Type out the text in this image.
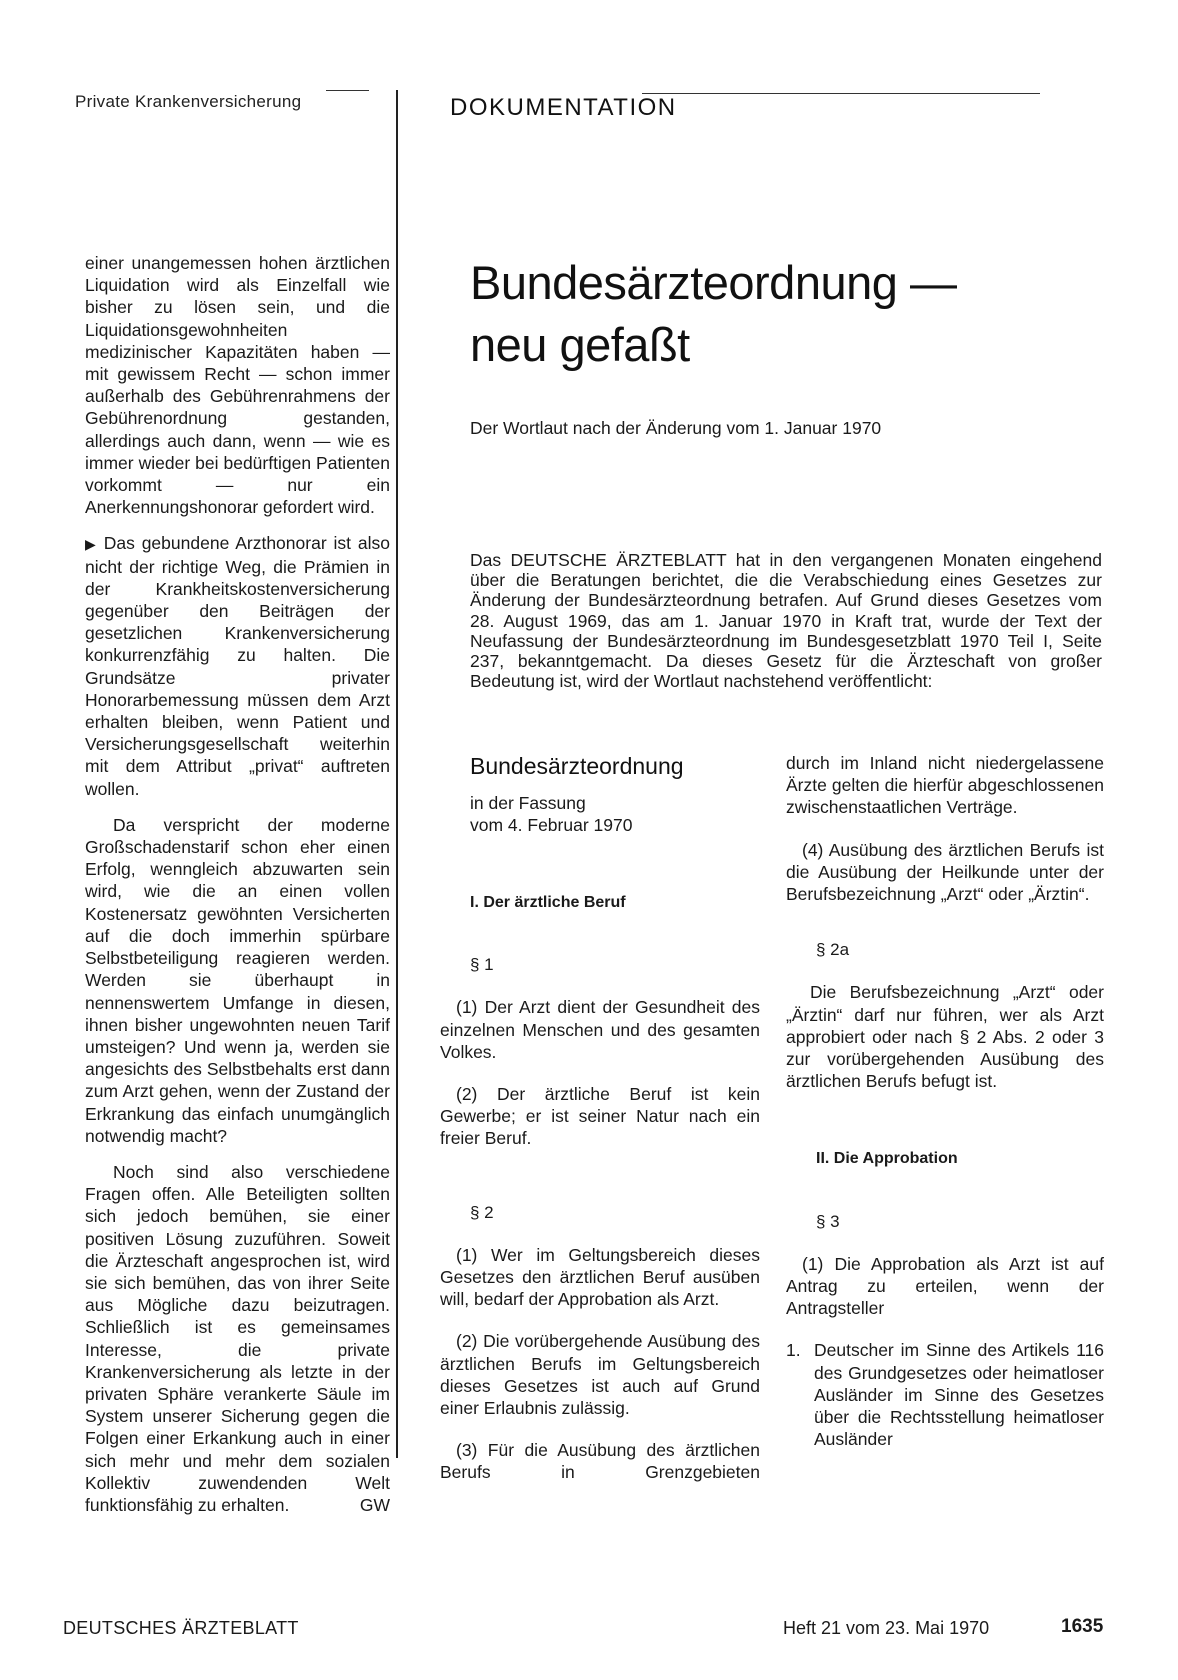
Private Krankenversicherung	DOKUMENTATION

einer unangemessen hohen ärztlichen Liquidation wird als Einzelfall wie bisher zu lösen sein, und die Liquidationsgewohnheiten medizinischer Kapazitäten haben — mit gewissem Recht — schon immer außerhalb des Gebührenrahmens der Gebührenordnung gestanden, allerdings auch dann, wenn — wie es immer wieder bei bedürftigen Patienten vorkommt — nur ein Anerkennungshonorar gefordert wird.

▶ Das gebundene Arzthonorar ist also nicht der richtige Weg, die Prämien in der Krankheitskostenversicherung gegenüber den Beiträgen der gesetzlichen Krankenversicherung konkurrenzfähig zu halten. Die Grundsätze privater Honorarbemessung müssen dem Arzt erhalten bleiben, wenn Patient und Versicherungsgesellschaft weiterhin mit dem Attribut „privat“ auftreten wollen.

Da verspricht der moderne Großschadenstarif schon eher einen Erfolg, wenngleich abzuwarten sein wird, wie die an einen vollen Kostenersatz gewöhnten Versicherten auf die doch immerhin spürbare Selbstbeteiligung reagieren werden. Werden sie überhaupt in nennenswertem Umfange in diesen, ihnen bisher ungewohnten neuen Tarif umsteigen? Und wenn ja, werden sie angesichts des Selbstbehalts erst dann zum Arzt gehen, wenn der Zustand der Erkrankung das einfach unumgänglich notwendig macht?

Noch sind also verschiedene Fragen offen. Alle Beteiligten sollten sich jedoch bemühen, sie einer positiven Lösung zuzuführen. Soweit die Ärzteschaft angesprochen ist, wird sie sich bemühen, das von ihrer Seite aus Mögliche dazu beizutragen. Schließlich ist es gemeinsames Interesse, die private Krankenversicherung als letzte in der privaten Sphäre verankerte Säule im System unserer Sicherung gegen die Folgen einer Erkankung auch in einer sich mehr und mehr dem sozialen Kollektiv zuwendenden Welt funktionsfähig zu erhalten.	GW

Bundesärzteordnung —
neu gefaßt
Der Wortlaut nach der Änderung vom 1. Januar 1970
Das DEUTSCHE ÄRZTEBLATT hat in den vergangenen Monaten eingehend über die Beratungen berichtet, die die Verabschiedung eines Gesetzes zur Änderung der Bundesärzteordnung betrafen. Auf Grund dieses Gesetzes vom 28. August 1969, das am 1. Januar 1970 in Kraft trat, wurde der Text der Neufassung der Bundesärzteordnung im Bundesgesetzblatt 1970 Teil I, Seite 237, bekanntgemacht. Da dieses Gesetz für die Ärzteschaft von großer Bedeutung ist, wird der Wortlaut nachstehend veröffentlicht:
Bundesärzteordnung
in der Fassung
vom 4. Februar 1970
I. Der ärztliche Beruf
§ 1

(1) Der Arzt dient der Gesundheit des einzelnen Menschen und des gesamten Volkes.

(2) Der ärztliche Beruf ist kein Gewerbe; er ist seiner Natur nach ein freier Beruf.

§ 2

(1) Wer im Geltungsbereich dieses Gesetzes den ärztlichen Beruf ausüben will, bedarf der Approbation als Arzt.

(2) Die vorübergehende Ausübung des ärztlichen Berufs im Geltungsbereich dieses Gesetzes ist auch auf Grund einer Erlaubnis zulässig.

(3) Für die Ausübung des ärztlichen Berufs in Grenzgebieten

durch im Inland nicht niedergelassene Ärzte gelten die hierfür abgeschlossenen zwischenstaatlichen Verträge.

(4) Ausübung des ärztlichen Berufs ist die Ausübung der Heilkunde unter der Berufsbezeichnung „Arzt“ oder „Ärztin“.

§ 2a

Die Berufsbezeichnung „Arzt“ oder „Ärztin“ darf nur führen, wer als Arzt approbiert oder nach § 2 Abs. 2 oder 3 zur vorübergehenden Ausübung des ärztlichen Berufs befugt ist.

II. Die Approbation
§ 3

(1) Die Approbation als Arzt ist auf Antrag zu erteilen, wenn der Antragsteller

1. Deutscher im Sinne des Artikels 116 des Grundgesetzes oder heimatloser Ausländer im Sinne des Gesetzes über die Rechtsstellung heimatloser Ausländer
DEUTSCHES ÄRZTEBLATT	Heft 21 vom 23. Mai 1970	1635
